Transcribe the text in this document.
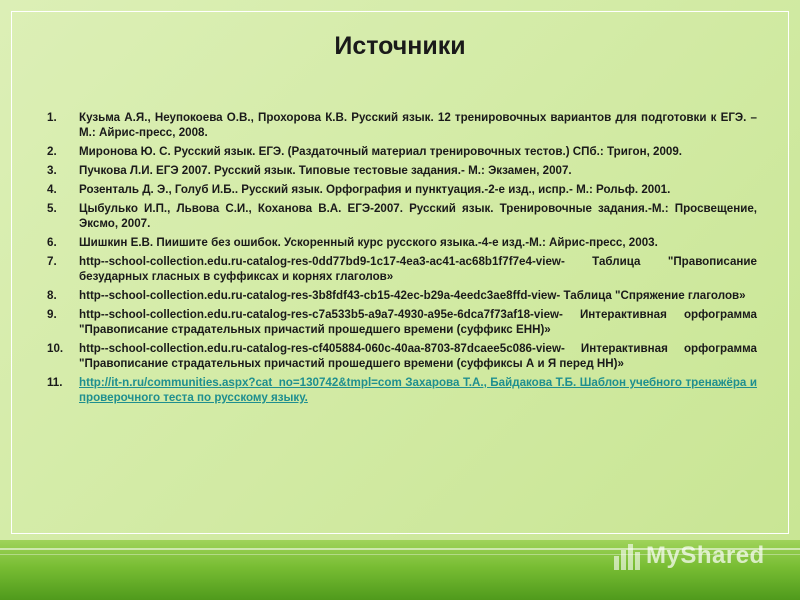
Источники
1. Кузьма А.Я., Неупокоева О.В., Прохорова К.В. Русский язык. 12 тренировочных вариантов для подготовки к ЕГЭ. –М.: Айрис-пресс, 2008.
2. Миронова Ю. С. Русский язык. ЕГЭ. (Раздаточный материал тренировочных тестов.) СПб.: Тригон, 2009.
3. Пучкова Л.И. ЕГЭ 2007. Русский язык. Типовые тестовые задания.- М.: Экзамен, 2007.
4. Розенталь Д. Э., Голуб И.Б.. Русский язык. Орфография и пунктуация.-2-е изд., испр.- М.: Рольф. 2001.
5. Цыбулько И.П., Львова С.И., Коханова В.А. ЕГЭ-2007. Русский язык. Тренировочные задания.-М.: Просвещение, Эксмо, 2007.
6. Шишкин Е.В. Пиишите без ошибок. Ускоренный курс русского языка.-4-е изд.-М.: Айрис-пресс, 2003.
7. http--school-collection.edu.ru-catalog-res-0dd77bd9-1c17-4ea3-ac41-ac68b1f7f7e4-view- Таблица "Правописание безударных гласных в суффиксах и корнях глаголов»
8. http--school-collection.edu.ru-catalog-res-3b8fdf43-cb15-42ec-b29a-4eedc3ae8ffd-view- Таблица "Спряжение глаголов»
9. http--school-collection.edu.ru-catalog-res-c7a533b5-a9a7-4930-a95e-6dca7f73af18-view- Интерактивная орфограмма "Правописание страдательных причастий прошедшего времени (суффикс ЕНН)»
10. http--school-collection.edu.ru-catalog-res-cf405884-060c-40aa-8703-87dcaee5c086-view- Интерактивная орфограмма "Правописание страдательных причастий прошедшего времени (суффиксы А и Я перед НН)»
11. http://it-n.ru/communities.aspx?cat_no=130742&tmpl=com Захарова Т.А., Байдакова Т.Б. Шаблон учебного тренажёра и проверочного теста по русскому языку.
MyShared
